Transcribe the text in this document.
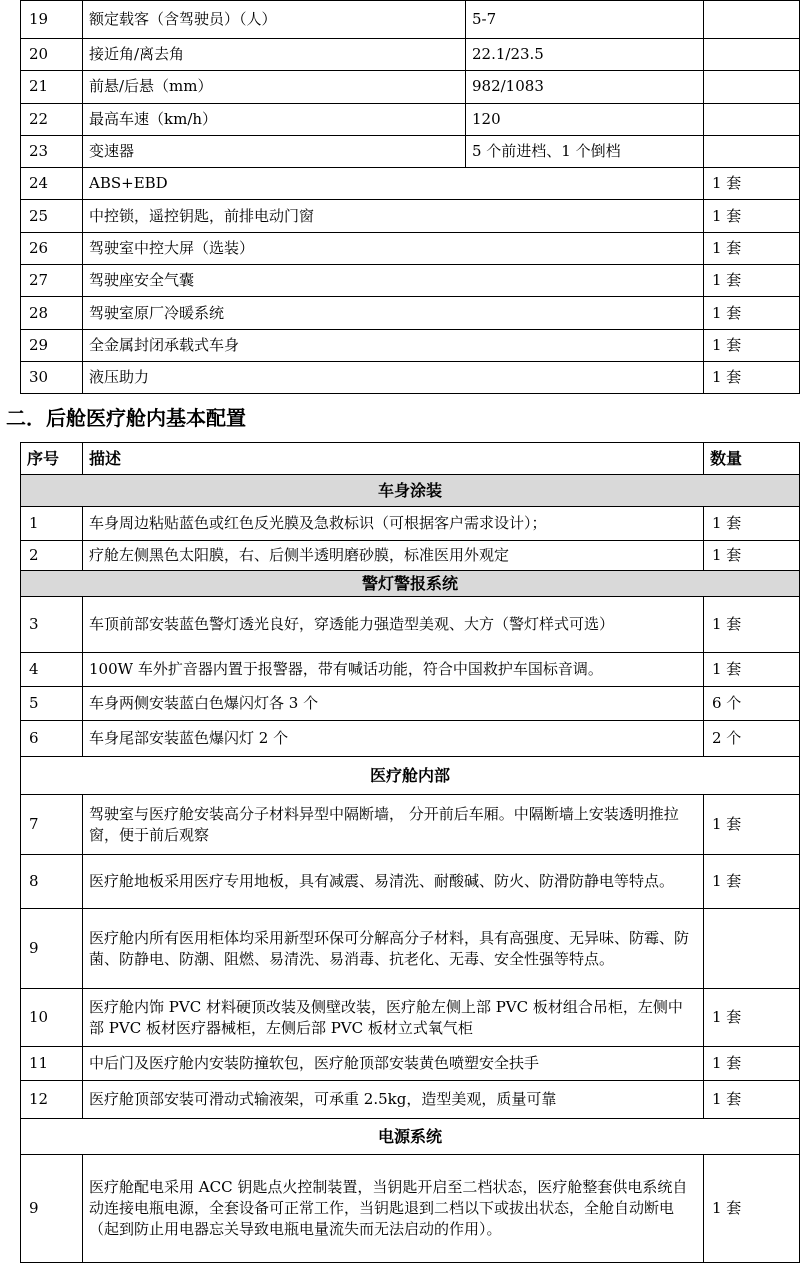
19	额定载客（含驾驶员）（人）	5-7	
20	接近角/离去角	22.1/23.5	
21	前悬/后悬（mm）	982/1083	
22	最高车速（km/h）	120	
23	变速器	5 个前进档、1 个倒档	
24	ABS+EBD		1 套
25	中控锁，遥控钥匙，前排电动门窗		1 套
26	驾驶室中控大屏（选装）		1 套
27	驾驶座安全气囊		1 套
28	驾驶室原厂冷暖系统		1 套
29	全金属封闭承载式车身		1 套
30	液压助力		1 套
二．后舱医疗舱内基本配置
序号	描述	数量
车身涂装		
1	车身周边粘贴蓝色或红色反光膜及急救标识（可根据客户需求设计）；	1 套
2	疗舱左侧黑色太阳膜，右、后侧半透明磨砂膜，标准医用外观定	1 套
警灯警报系统		
3	车顶前部安装蓝色警灯透光良好，穿透能力强造型美观、大方（警灯样式可选）	1 套
4	100W 车外扩音器内置于报警器，带有喊话功能，符合中国救护车国标音调。	1 套
5	车身两侧安装蓝白色爆闪灯各 3 个	6 个
6	车身尾部安装蓝色爆闪灯 2 个	2 个
医疗舱内部		
7	驾驶室与医疗舱安装高分子材料异型中隔断墙， 分开前后车厢。中隔断墙上安装透明推拉窗，便于前后观察	1 套
8	医疗舱地板采用医疗专用地板，具有减震、易清洗、耐酸碱、防火、防滑防静电等特点。	1 套
9	医疗舱内所有医用柜体均采用新型环保可分解高分子材料，具有高强度、无异味、防霉、防菌、防静电、防潮、阻燃、易清洗、易消毒、抗老化、无毒、安全性强等特点。	
10	医疗舱内饰 PVC 材料硬顶改装及侧壁改装，医疗舱左侧上部 PVC 板材组合吊柜，左侧中部 PVC 板材医疗器械柜，左侧后部 PVC 板材立式氧气柜	1 套
11	中后门及医疗舱内安装防撞软包，医疗舱顶部安装黄色喷塑安全扶手	1 套
12	医疗舱顶部安装可滑动式输液架，可承重 2.5kg，造型美观，质量可靠	1 套
电源系统		
9	医疗舱配电采用 ACC 钥匙点火控制装置，当钥匙开启至二档状态，医疗舱整套供电系统自动连接电瓶电源，全套设备可正常工作，当钥匙退到二档以下或拔出状态，全舱自动断电（起到防止用电器忘关导致电瓶电量流失而无法启动的作用）。	1 套
